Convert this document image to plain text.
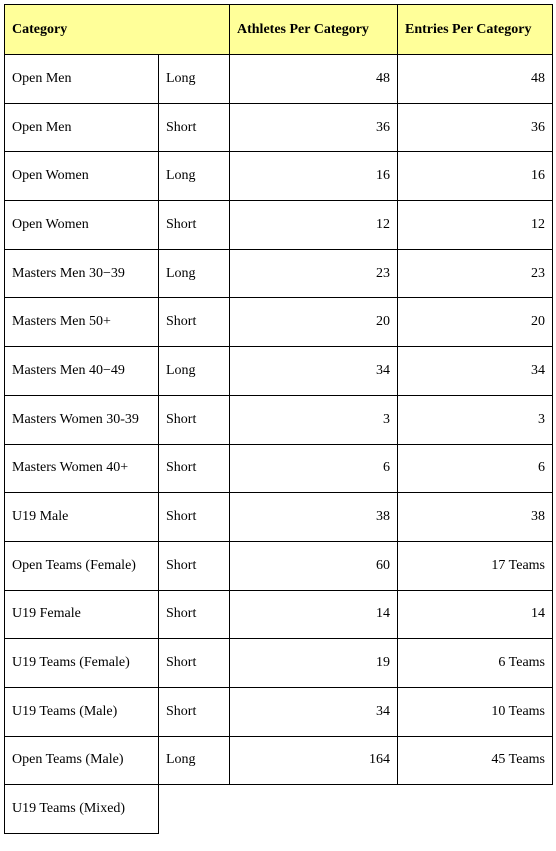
Category		Athletes Per Category	Entries Per Category
Open Men	Long	48	48
Open Men	Short	36	36
Open Women	Long	16	16
Open Women	Short	12	12
Masters Men 30−39	Long	23	23
Masters Men 50+	Short	20	20
Masters Men 40−49	Long	34	34
Masters Women 30-39	Short	3	3
Masters Women 40+	Short	6	6
U19 Male	Short	38	38
Open Teams (Female)	Short	60	17 Teams
U19 Female	Short	14	14
U19 Teams (Female)	Short	19	6 Teams
U19 Teams (Male)	Short	34	10 Teams
Open Teams (Male)	Long	164	45 Teams
U19 Teams (Mixed)			
